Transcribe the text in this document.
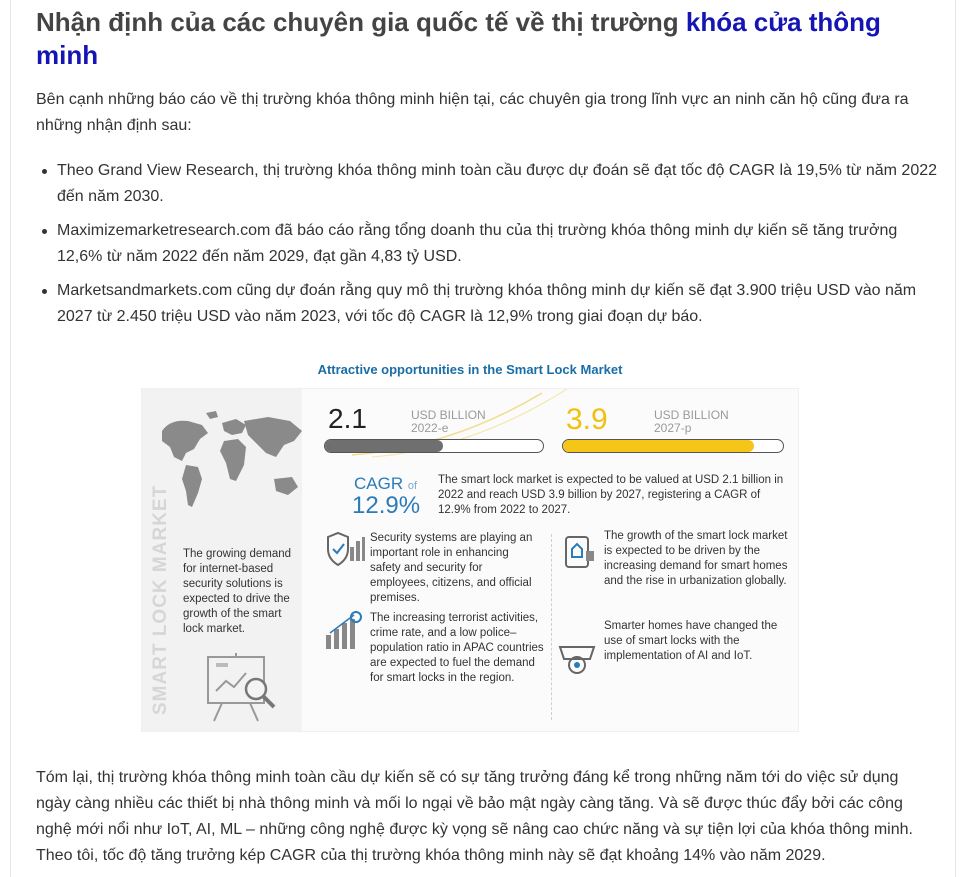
Nhận định của các chuyên gia quốc tế về thị trường khóa cửa thông minh

Bên cạnh những báo cáo về thị trường khóa thông minh hiện tại, các chuyên gia trong lĩnh vực an ninh căn hộ cũng đưa ra những nhận định sau:

Theo Grand View Research, thị trường khóa thông minh toàn cầu được dự đoán sẽ đạt tốc độ CAGR là 19,5% từ năm 2022 đến năm 2030.
Maximizemarketresearch.com đã báo cáo rằng tổng doanh thu của thị trường khóa thông minh dự kiến sẽ tăng trưởng 12,6% từ năm 2022 đến năm 2029, đạt gần 4,83 tỷ USD.
Marketsandmarkets.com cũng dự đoán rằng quy mô thị trường khóa thông minh dự kiến sẽ đạt 3.900 triệu USD vào năm 2027 từ 2.450 triệu USD vào năm 2023, với tốc độ CAGR là 12,9% trong giai đoạn dự báo.

Tóm lại, thị trường khóa thông minh toàn cầu dự kiến sẽ có sự tăng trưởng đáng kể trong những năm tới do việc sử dụng ngày càng nhiều các thiết bị nhà thông minh và mối lo ngại về bảo mật ngày càng tăng. Và sẽ được thúc đẩy bởi các công nghệ mới nổi như IoT, AI, ML – những công nghệ được kỳ vọng sẽ nâng cao chức năng và sự tiện lợi của khóa thông minh. Theo tôi, tốc độ tăng trưởng kép CAGR của thị trường khóa thông minh này sẽ đạt khoảng 14% vào năm 2029.

Attractive opportunities in the Smart Lock Market
The growing demand for internet-based security solutions is expected to drive the growth of the smart lock market.
SMART LOCK MARKET
2.1	USD BILLION
2022-e	3.9	USD BILLION
2027-p
CAGR of
12.9%
The smart lock market is expected to be valued at USD 2.1 billion in 2022 and reach USD 3.9 billion by 2027, registering a CAGR of 12.9% from 2022 to 2027.
Security systems are playing an important role in enhancing safety and security for employees, citizens, and official premises.
The growth of the smart lock market is expected to be driven by the increasing demand for smart homes and the rise in urbanization globally.
The increasing terrorist activities, crime rate, and a low police–population ratio in APAC countries are expected to fuel the demand for smart locks in the region.
Smarter homes have changed the use of smart locks with the implementation of AI and IoT.
